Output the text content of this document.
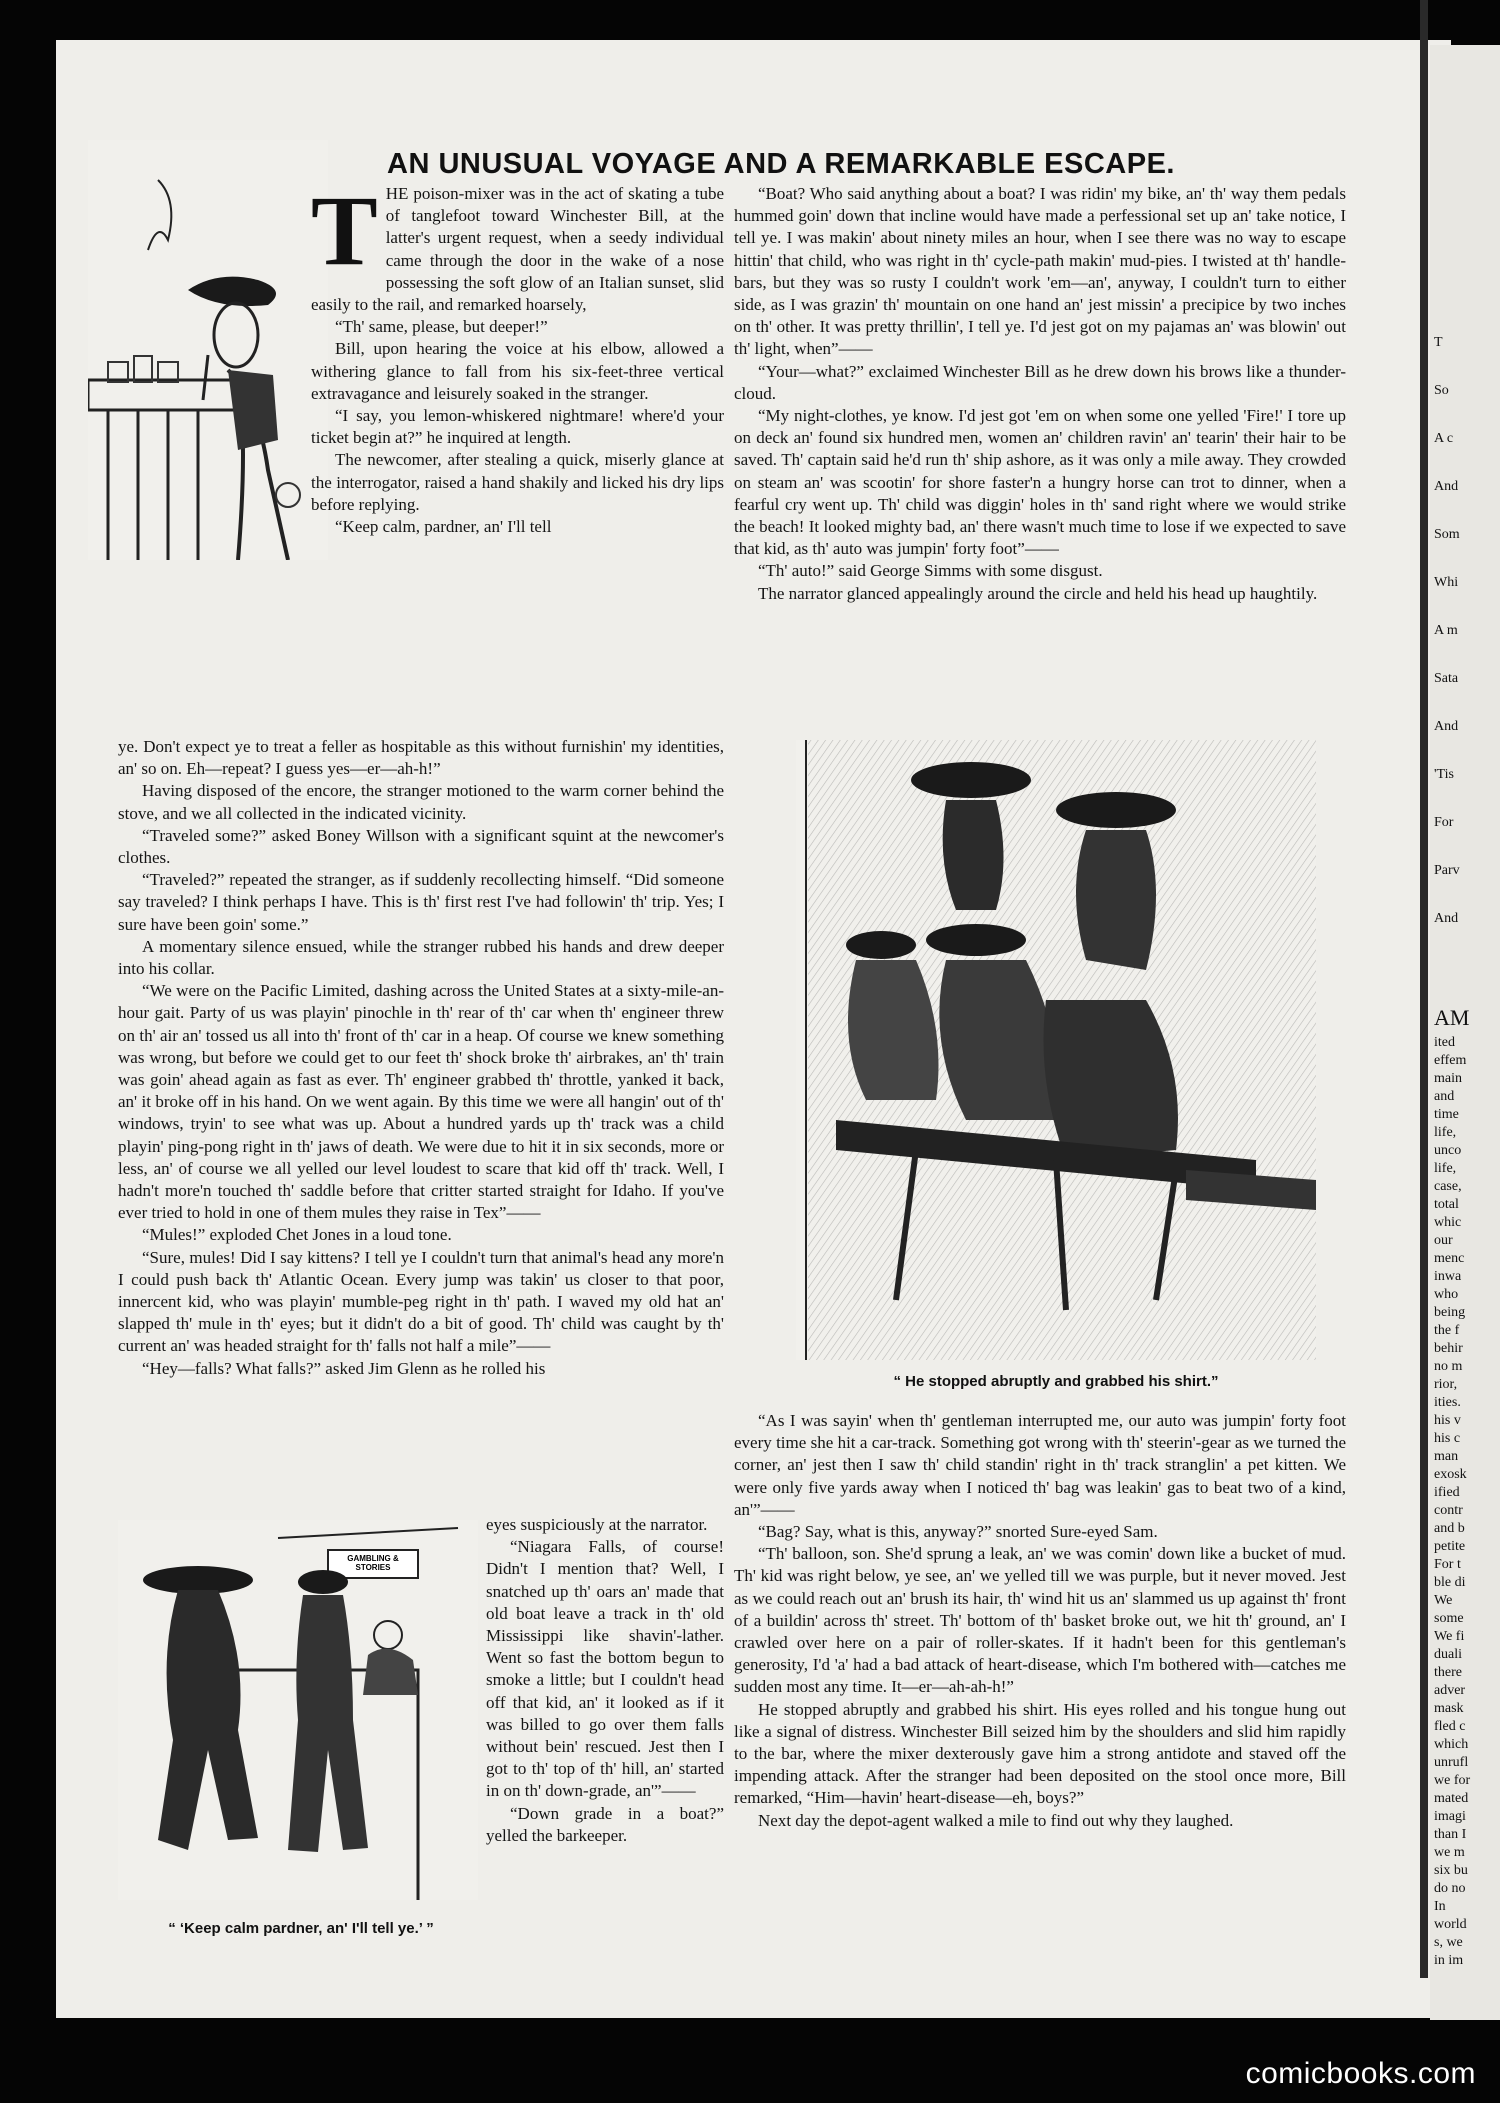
AN UNUSUAL VOYAGE AND A REMARKABLE ESCAPE.

THE poison-mixer was in the act of skating a tube of tanglefoot toward Winchester Bill, at the latter's urgent request, when a seedy individual came through the door in the wake of a nose possessing the soft glow of an Italian sunset, slid easily to the rail, and remarked hoarsely,

“Th' same, please, but deeper!”

Bill, upon hearing the voice at his elbow, allowed a withering glance to fall from his six-feet-three vertical extravagance and leisurely soaked in the stranger.

“I say, you lemon-whiskered nightmare! where'd your ticket begin at?” he inquired at length.

The newcomer, after stealing a quick, miserly glance at the interrogator, raised a hand shakily and licked his dry lips before replying.

“Keep calm, pardner, an' I'll tell

ye. Don't expect ye to treat a feller as hospitable as this without furnishin' my identities, an' so on. Eh—repeat? I guess yes—er—ah-h!”

Having disposed of the encore, the stranger motioned to the warm corner behind the stove, and we all collected in the indicated vicinity.

“Traveled some?” asked Boney Willson with a significant squint at the newcomer's clothes.

“Traveled?” repeated the stranger, as if suddenly recollecting himself. “Did someone say traveled? I think perhaps I have. This is th' first rest I've had followin' th' trip. Yes; I sure have been goin' some.”

A momentary silence ensued, while the stranger rubbed his hands and drew deeper into his collar.

“We were on the Pacific Limited, dashing across the United States at a sixty-mile-an-hour gait. Party of us was playin' pinochle in th' rear of th' car when th' engineer threw on th' air an' tossed us all into th' front of th' car in a heap. Of course we knew something was wrong, but before we could get to our feet th' shock broke th' airbrakes, an' th' train was goin' ahead again as fast as ever. Th' engineer grabbed th' throttle, yanked it back, an' it broke off in his hand. On we went again. By this time we were all hangin' out of th' windows, tryin' to see what was up. About a hundred yards up th' track was a child playin' ping-pong right in th' jaws of death. We were due to hit it in six seconds, more or less, an' of course we all yelled our level loudest to scare that kid off th' track. Well, I hadn't more'n touched th' saddle before that critter started straight for Idaho. If you've ever tried to hold in one of them mules they raise in Tex”——

“Mules!” exploded Chet Jones in a loud tone.

“Sure, mules! Did I say kittens? I tell ye I couldn't turn that animal's head any more'n I could push back th' Atlantic Ocean. Every jump was takin' us closer to that poor, innercent kid, who was playin' mumble-peg right in th' path. I waved my old hat an' slapped th' mule in th' eyes; but it didn't do a bit of good. Th' child was caught by th' current an' was headed straight for th' falls not half a mile”——

“Hey—falls? What falls?” asked Jim Glenn as he rolled his

GAMBLING & STORIES
“ ‘Keep calm pardner, an' I'll tell ye.’ ”

eyes suspiciously at the narrator.

“Niagara Falls, of course! Didn't I mention that? Well, I snatched up th' oars an' made that old boat leave a track in th' old Mississippi like shavin'-lather. Went so fast the bottom begun to smoke a little; but I couldn't head off that kid, an' it looked as if it was billed to go over them falls without bein' rescued. Jest then I got to th' top of th' hill, an' started in on th' down-grade, an'”——

“Down grade in a boat?” yelled the barkeeper.

“Boat? Who said anything about a boat? I was ridin' my bike, an' th' way them pedals hummed goin' down that incline would have made a perfessional set up an' take notice, I tell ye. I was makin' about ninety miles an hour, when I see there was no way to escape hittin' that child, who was right in th' cycle-path makin' mud-pies. I twisted at th' handle-bars, but they was so rusty I couldn't work 'em—an', anyway, I couldn't turn to either side, as I was grazin' th' mountain on one hand an' jest missin' a precipice by two inches on th' other. It was pretty thrillin', I tell ye. I'd jest got on my pajamas an' was blowin' out th' light, when”——

“Your—what?” exclaimed Winchester Bill as he drew down his brows like a thunder-cloud.

“My night-clothes, ye know. I'd jest got 'em on when some one yelled 'Fire!' I tore up on deck an' found six hundred men, women an' children ravin' an' tearin' their hair to be saved. Th' captain said he'd run th' ship ashore, as it was only a mile away. They crowded on steam an' was scootin' for shore faster'n a hungry horse can trot to dinner, when a fearful cry went up. Th' child was diggin' holes in th' sand right where we would strike the beach! It looked mighty bad, an' there wasn't much time to lose if we expected to save that kid, as th' auto was jumpin' forty foot”——

“Th' auto!” said George Simms with some disgust.

The narrator glanced appealingly around the circle and held his head up haughtily.

“ He stopped abruptly and grabbed his shirt.”

“As I was sayin' when th' gentleman interrupted me, our auto was jumpin' forty foot every time she hit a car-track. Something got wrong with th' steerin'-gear as we turned the corner, an' jest then I saw th' child standin' right in th' track stranglin' a pet kitten. We were only five yards away when I noticed th' bag was leakin' gas to beat two of a kind, an'”——

“Bag? Say, what is this, anyway?” snorted Sure-eyed Sam.

“Th' balloon, son. She'd sprung a leak, an' we was comin' down like a bucket of mud. Th' kid was right below, ye see, an' we yelled till we was purple, but it never moved. Jest as we could reach out an' brush its hair, th' wind hit us an' slammed us up against th' front of a buildin' across th' street. Th' bottom of th' basket broke out, we hit th' ground, an' I crawled over here on a pair of roller-skates. If it hadn't been for this gentleman's generosity, I'd 'a' had a bad attack of heart-disease, which I'm bothered with—catches me sudden most any time. It—er—ah-ah-h!”

He stopped abruptly and grabbed his shirt. His eyes rolled and his tongue hung out like a signal of distress. Winchester Bill seized him by the shoulders and slid him rapidly to the bar, where the mixer dexterously gave him a strong antidote and staved off the impending attack. After the stranger had been deposited on the stool once more, Bill remarked, “Him—havin' heart-disease—eh, boys?”

Next day the depot-agent walked a mile to find out why they laughed.

T
So
A c
And
Som
Whi
A m
Sata
And
'Tis
For
Parv
And
AM
ited
effem
main
and
time
life,
unco
life,
case,
total
whic
our
menc
inwa
who
being
the f
behir
no m
rior,
ities.
his v
his c
man
exosk
ified
contr
and b
petite
For t
ble di
We
some
We fi
duali
there
adver
mask
fled c
which
unrufl
we for
mated
imagi
than I
we m
six bu
do no
In
world
s, we
in im
comicbooks.com
